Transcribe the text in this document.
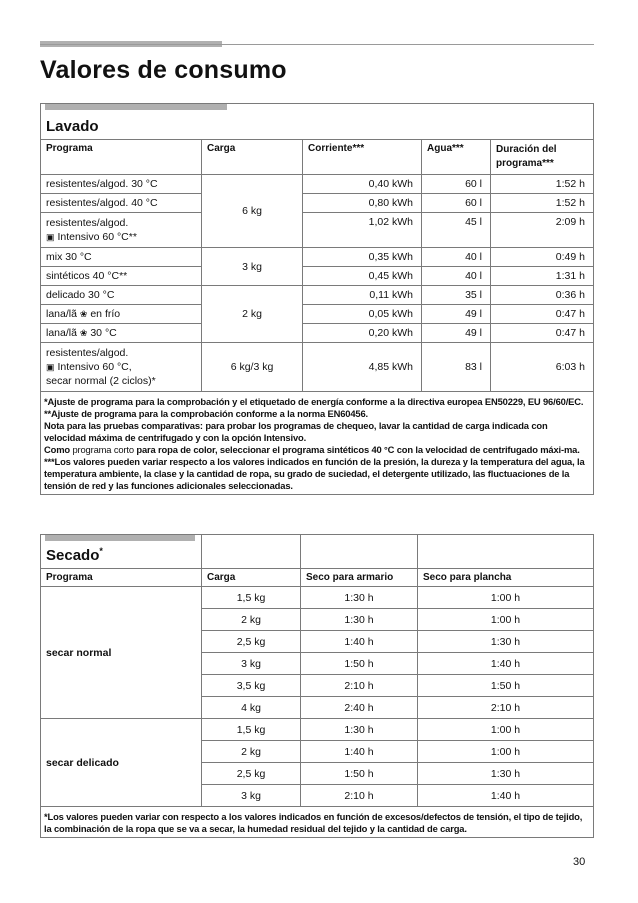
Valores de consumo
Lavado				

Programa	Carga	Corriente***	Agua***	Duración del programa***
resistentes/algod. 30 °C	6 kg	0,40 kWh	60 l	1:52 h
resistentes/algod. 40 °C		0,80 kWh	60 l	1:52 h
resistentes/algod.
▣ Intensivo 60 °C**		1,02 kWh	45 l	2:09 h
mix 30 °C	3 kg	0,35 kWh	40 l	0:49 h
sintéticos 40 °C**		0,45 kWh	40 l	1:31 h
delicado 30 °C	2 kg	0,11 kWh	35 l	0:36 h
lana/lã ❀ en frío		0,05 kWh	49 l	0:47 h
lana/lã ❀ 30 °C		0,20 kWh	49 l	0:47 h
resistentes/algod.
▣ Intensivo 60 °C,
secar normal (2 ciclos)*	6 kg/3 kg	4,85 kWh	83 l	6:03 h

*Ajuste de programa para la comprobación y el etiquetado de energía conforme a la directiva europea EN50229, EU 96/60/EC.

**Ajuste de programa para la comprobación conforme a la norma EN60456.

Nota para las pruebas comparativas: para probar los programas de chequeo, lavar la cantidad de carga indicada con velocidad máxima de centrifugado y con la opción Intensivo.

Como programa corto para ropa de color, seleccionar el programa sintéticos 40 °C con la velocidad de centrifugado máxi-ma.

***Los valores pueden variar respecto a los valores indicados en función de la presión, la dureza y la temperatura del agua, la temperatura ambiente, la clase y la cantidad de ropa, su grado de suciedad, el detergente utilizado, las fluctuaciones de la tensión de red y las funciones adicionales seleccionadas.				

Secado*

Programa	Carga	Seco para armario	Seco para plancha
secar normal	1,5 kg	1:30 h	1:00 h
	2 kg	1:30 h	1:00 h
	2,5 kg	1:40 h	1:30 h
	3 kg	1:50 h	1:40 h
	3,5 kg	2:10 h	1:50 h
	4 kg	2:40 h	2:10 h
secar delicado	1,5 kg	1:30 h	1:00 h
	2 kg	1:40 h	1:00 h
	2,5 kg	1:50 h	1:30 h
	3 kg	2:10 h	1:40 h
*Los valores pueden variar con respecto a los valores indicados en función de excesos/defectos de tensión, el tipo de tejido, la combinación de la ropa que se va a secar, la humedad residual del tejido y la cantidad de carga.			
30
